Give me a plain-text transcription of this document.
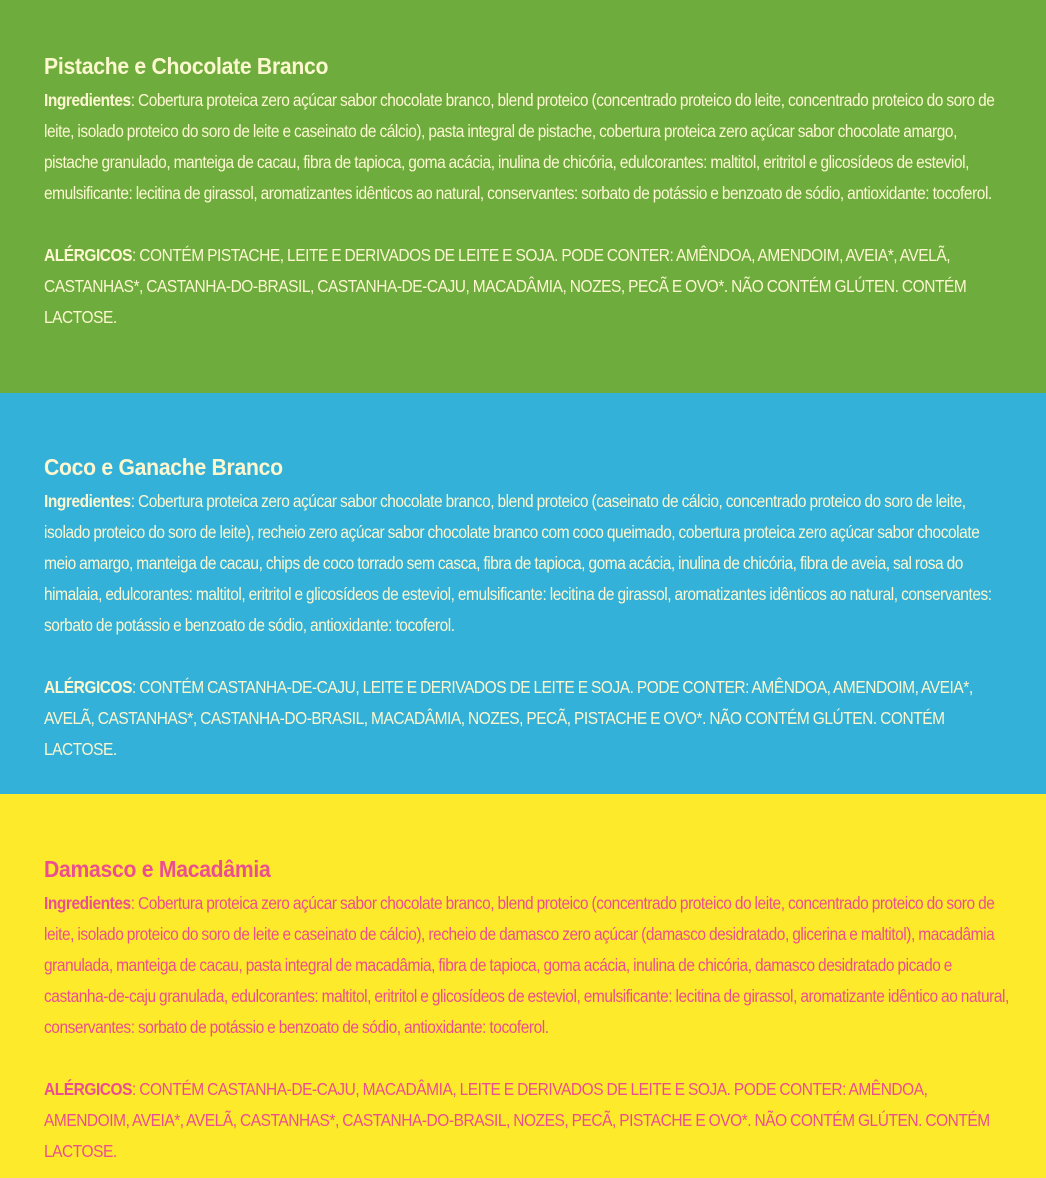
Pistache e Chocolate Branco

Ingredientes: Cobertura proteica zero açúcar sabor chocolate branco, blend proteico (concentrado proteico do leite, concentrado proteico do soro de leite, isolado proteico do soro de leite e caseinato de cálcio), pasta integral de pistache, cobertura proteica zero açúcar sabor chocolate amargo, pistache granulado, manteiga de cacau, fibra de tapioca, goma acácia, inulina de chicória, edulcorantes: maltitol, eritritol e glicosídeos de esteviol, emulsificante: lecitina de girassol, aromatizantes idênticos ao natural, conservantes: sorbato de potássio e benzoato de sódio, antioxidante: tocoferol.

ALÉRGICOS: CONTÉM PISTACHE, LEITE E DERIVADOS DE LEITE E SOJA. PODE CONTER: AMÊNDOA, AMENDOIM, AVEIA*, AVELÃ, CASTANHAS*, CASTANHA-DO-BRASIL, CASTANHA-DE-CAJU, MACADÂMIA, NOZES, PECÃ E OVO*. NÃO CONTÉM GLÚTEN. CONTÉM LACTOSE.

Coco e Ganache Branco

Ingredientes: Cobertura proteica zero açúcar sabor chocolate branco, blend proteico (caseinato de cálcio, concentrado proteico do soro de leite, isolado proteico do soro de leite), recheio zero açúcar sabor chocolate branco com coco queimado, cobertura proteica zero açúcar sabor chocolate meio amargo, manteiga de cacau, chips de coco torrado sem casca, fibra de tapioca, goma acácia, inulina de chicória, fibra de aveia, sal rosa do himalaia, edulcorantes: maltitol, eritritol e glicosídeos de esteviol, emulsificante: lecitina de girassol, aromatizantes idênticos ao natural, conservantes: sorbato de potássio e benzoato de sódio, antioxidante: tocoferol.

ALÉRGICOS: CONTÉM CASTANHA-DE-CAJU, LEITE E DERIVADOS DE LEITE E SOJA. PODE CONTER: AMÊNDOA, AMENDOIM, AVEIA*, AVELÃ, CASTANHAS*, CASTANHA-DO-BRASIL, MACADÂMIA, NOZES, PECÃ, PISTACHE E OVO*. NÃO CONTÉM GLÚTEN. CONTÉM LACTOSE.

Damasco e Macadâmia

Ingredientes: Cobertura proteica zero açúcar sabor chocolate branco, blend proteico (concentrado proteico do leite, concentrado proteico do soro de leite, isolado proteico do soro de leite e caseinato de cálcio), recheio de damasco zero açúcar (damasco desidratado, glicerina e maltitol), macadâmia granulada, manteiga de cacau, pasta integral de macadâmia, fibra de tapioca, goma acácia, inulina de chicória, damasco desidratado picado e castanha-de-caju granulada, edulcorantes: maltitol, eritritol e glicosídeos de esteviol, emulsificante: lecitina de girassol, aromatizante idêntico ao natural, conservantes: sorbato de potássio e benzoato de sódio, antioxidante: tocoferol.

ALÉRGICOS: CONTÉM CASTANHA-DE-CAJU, MACADÂMIA, LEITE E DERIVADOS DE LEITE E SOJA. PODE CONTER: AMÊNDOA, AMENDOIM, AVEIA*, AVELÃ, CASTANHAS*, CASTANHA-DO-BRASIL, NOZES, PECÃ, PISTACHE E OVO*. NÃO CONTÉM GLÚTEN. CONTÉM LACTOSE.
